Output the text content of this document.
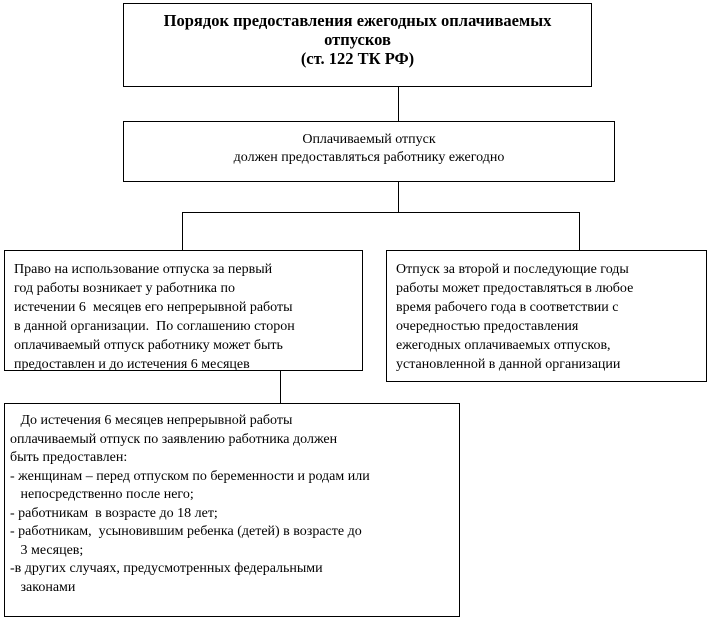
Порядок предоставления ежегодных оплачиваемых
отпусков
(ст. 122 ТК РФ)
Оплачиваемый отпуск
должен предоставляться работнику ежегодно
Право на использование отпуска за первый
год работы возникает у работника по
истечении 6  месяцев его непрерывной работы
в данной организации.  По соглашению сторон
оплачиваемый отпуск работнику может быть
предоставлен и до истечения 6 месяцев
Отпуск за второй и последующие годы
работы может предоставляться в любое
время рабочего года в соответствии с
очередностью предоставления
ежегодных оплачиваемых отпусков,
установленной в данной организации
До истечения 6 месяцев непрерывной работы
оплачиваемый отпуск по заявлению работника должен
быть предоставлен:
- женщинам – перед отпуском по беременности и родам или
непосредственно после него;
- работникам  в возрасте до 18 лет;
- работникам,  усыновившим ребенка (детей) в возрасте до
3 месяцев;
-в других случаях, предусмотренных федеральными
законами
